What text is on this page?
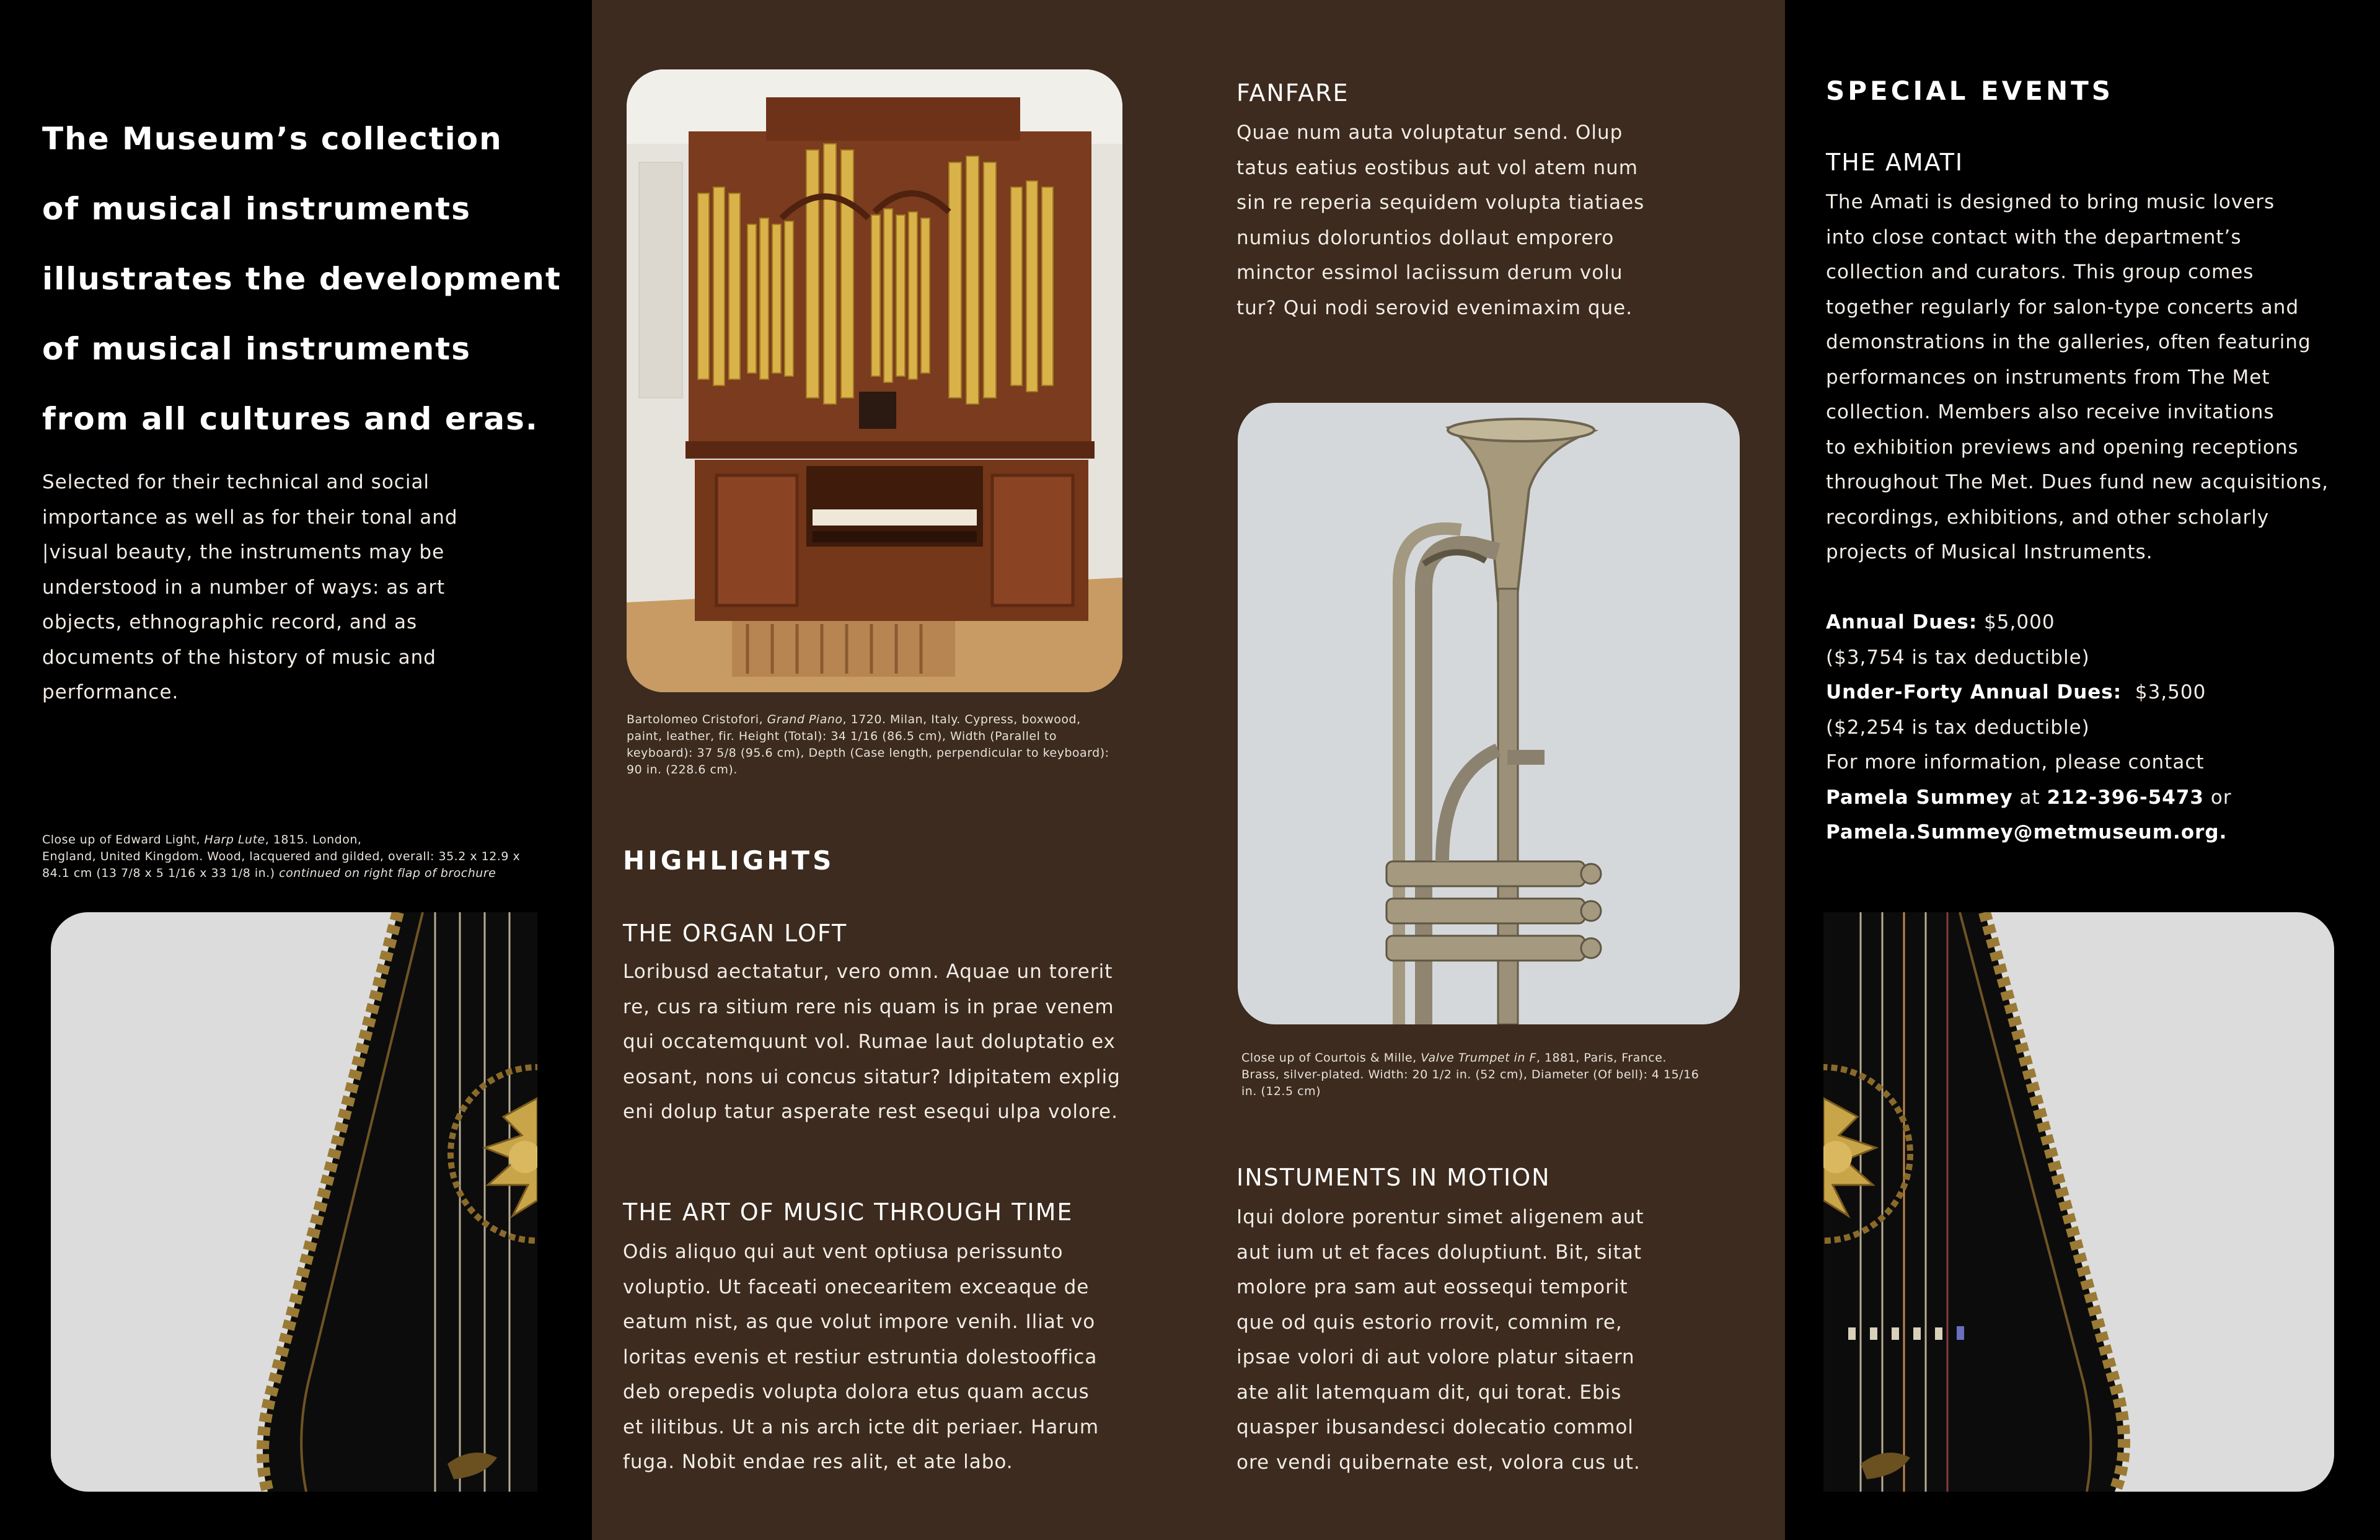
The Museum’s collection
of musical instruments
illustrates the development
of musical instruments
from all cultures and eras.
Selected for their technical and social
importance as well as for their tonal and
|visual beauty, the instruments may be
understood in a number of ways: as art
objects, ethnographic record, and as
documents of the history of music and
performance.
Close up of Edward Light, Harp Lute, 1815. London,
England, United Kingdom. Wood, lacquered and gilded, overall: 35.2 x 12.9 x
84.1 cm (13 7/8 x 5 1/16 x 33 1/8 in.) continued on right flap of brochure
Bartolomeo Cristofori, Grand Piano, 1720. Milan, Italy. Cypress, boxwood,
paint, leather, fir. Height (Total): 34 1/16 (86.5 cm), Width (Parallel to
keyboard): 37 5/8 (95.6 cm), Depth (Case length, perpendicular to keyboard):
90 in. (228.6 cm).
HIGHLIGHTS
THE ORGAN LOFT
Loribusd aectatatur, vero omn. Aquae un torerit
re, cus ra sitium rere nis quam is in prae venem
qui occatemquunt vol. Rumae laut doluptatio ex
eosant, nons ui concus sitatur? Idipitatem explig
eni dolup tatur asperate rest esequi ulpa volore.
THE ART OF MUSIC THROUGH TIME
Odis aliquo qui aut vent optiusa perissunto
voluptio. Ut faceati onecearitem exceaque de
eatum nist, as que volut impore venih. Iliat vo
loritas evenis et restiur estruntia dolestooffica
deb orepedis volupta dolora etus quam accus
et ilitibus. Ut a nis arch icte dit periaer. Harum
fuga. Nobit endae res alit, et ate labo.
FANFARE
Quae num auta voluptatur send. Olup
tatus eatius eostibus aut vol atem num
sin re reperia sequidem volupta tiatiaes
numius doloruntios dollaut emporero
minctor essimol laciissum derum volu
tur? Qui nodi serovid evenimaxim que.
Close up of Courtois & Mille, Valve Trumpet in F, 1881, Paris, France.
Brass, silver-plated. Width: 20 1/2 in. (52 cm), Diameter (Of bell): 4 15/16
in. (12.5 cm)
INSTUMENTS IN MOTION
Iqui dolore porentur simet aligenem aut
aut ium ut et faces doluptiunt. Bit, sitat
molore pra sam aut eossequi temporit
que od quis estorio rrovit, comnim re,
ipsae volori di aut volore platur sitaern
ate alit latemquam dit, qui torat. Ebis
quasper ibusandesci dolecatio commol
ore vendi quibernate est, volora cus ut.
SPECIAL EVENTS
THE AMATI
The Amati is designed to bring music lovers
into close contact with the department’s
collection and curators. This group comes
together regularly for salon-type concerts and
demonstrations in the galleries, often featuring
performances on instruments from The Met
collection. Members also receive invitations
to exhibition previews and opening receptions
throughout The Met. Dues fund new acquisitions,
recordings, exhibitions, and other scholarly
projects of Musical Instruments.
Annual Dues: $5,000
($3,754 is tax deductible)
Under-Forty Annual Dues:  $3,500
($2,254 is tax deductible)
For more information, please contact
Pamela Summey at 212-396-5473 or
Pamela.Summey@metmuseum.org.
